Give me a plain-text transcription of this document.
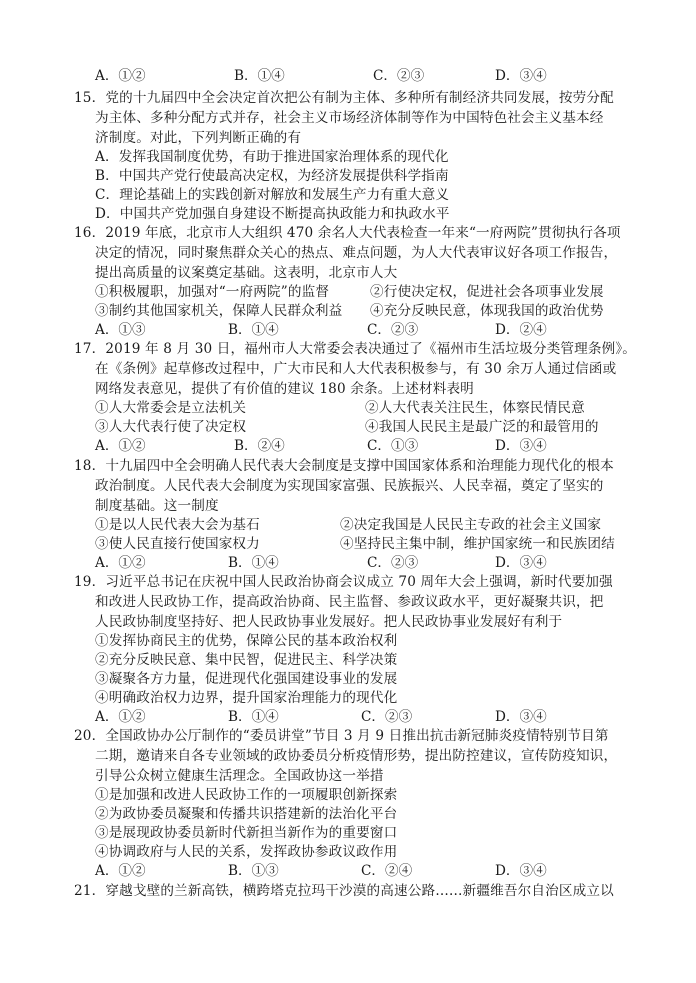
A．①②	B．①④	C．②③	D．③④
15．党的十九届四中全会决定首次把公有制为主体、多种所有制经济共同发展，按劳分配
为主体、多种分配方式并存，社会主义市场经济体制等作为中国特色社会主义基本经
济制度。对此，下列判断正确的有
A．发挥我国制度优势，有助于推进国家治理体系的现代化
B．中国共产党行使最高决定权，为经济发展提供科学指南
C．理论基础上的实践创新对解放和发展生产力有重大意义
D．中国共产党加强自身建设不断提高执政能力和执政水平
16．2019 年底，北京市人大组织 470 余名人大代表检查一年来“一府两院”贯彻执行各项
决定的情况，同时聚焦群众关心的热点、难点问题，为人大代表审议好各项工作报告，
提出高质量的议案奠定基础。这表明，北京市人大
①积极履职，加强对“一府两院”的监督	②行使决定权，促进社会各项事业发展
③制约其他国家机关，保障人民群众利益 ④充分反映民意，体现我国的政治优势
A．①③	B．①④	C．②③	D．②④
17．2019 年 8 月 30 日，福州市人大常委会表决通过了《福州市生活垃圾分类管理条例》。
在《条例》起草修改过程中，广大市民和人大代表积极参与，有 30 余万人通过信函或
网络发表意见，提供了有价值的建议 180 余条。上述材料表明
①人大常委会是立法机关	②人大代表关注民生，体察民情民意
③人大代表行使了决定权	④我国人民民主是最广泛的和最管用的
A．①②	B．②④	C．①③	D．③④
18．十九届四中全会明确人民代表大会制度是支撑中国国家体系和治理能力现代化的根本
政治制度。人民代表大会制度为实现国家富强、民族振兴、人民幸福，奠定了坚实的
制度基础。这一制度
①是以人民代表大会为基石	②决定我国是人民民主专政的社会主义国家
③使人民直接行使国家权力	④坚持民主集中制，维护国家统一和民族团结
A．①②	B．①④	C．②③	D．③④
19．习近平总书记在庆祝中国人民政治协商会议成立 70 周年大会上强调，新时代要加强
和改进人民政协工作，提高政治协商、民主监督、参政议政水平，更好凝聚共识，把
人民政协制度坚持好、把人民政协事业发展好。把人民政协事业发展好有利于
①发挥协商民主的优势，保障公民的基本政治权利
②充分反映民意、集中民智，促进民主、科学决策
③凝聚各方力量，促进现代化强国建设事业的发展
④明确政治权力边界，提升国家治理能力的现代化
A．①②	B．①④	C．②③	D．③④
20．全国政协办公厅制作的“委员讲堂”节目 3 月 9 日推出抗击新冠肺炎疫情特别节目第
二期，邀请来自各专业领域的政协委员分析疫情形势，提出防控建议，宣传防疫知识，
引导公众树立健康生活理念。全国政协这一举措
①是加强和改进人民政协工作的一项履职创新探索
②为政协委员凝聚和传播共识搭建新的法治化平台
③是展现政协委员新时代新担当新作为的重要窗口
④协调政府与人民的关系，发挥政协参政议政作用
A．①②	B．①③	C．②④	D．③④
21．穿越戈壁的兰新高铁，横跨塔克拉玛干沙漠的高速公路……新疆维吾尔自治区成立以
